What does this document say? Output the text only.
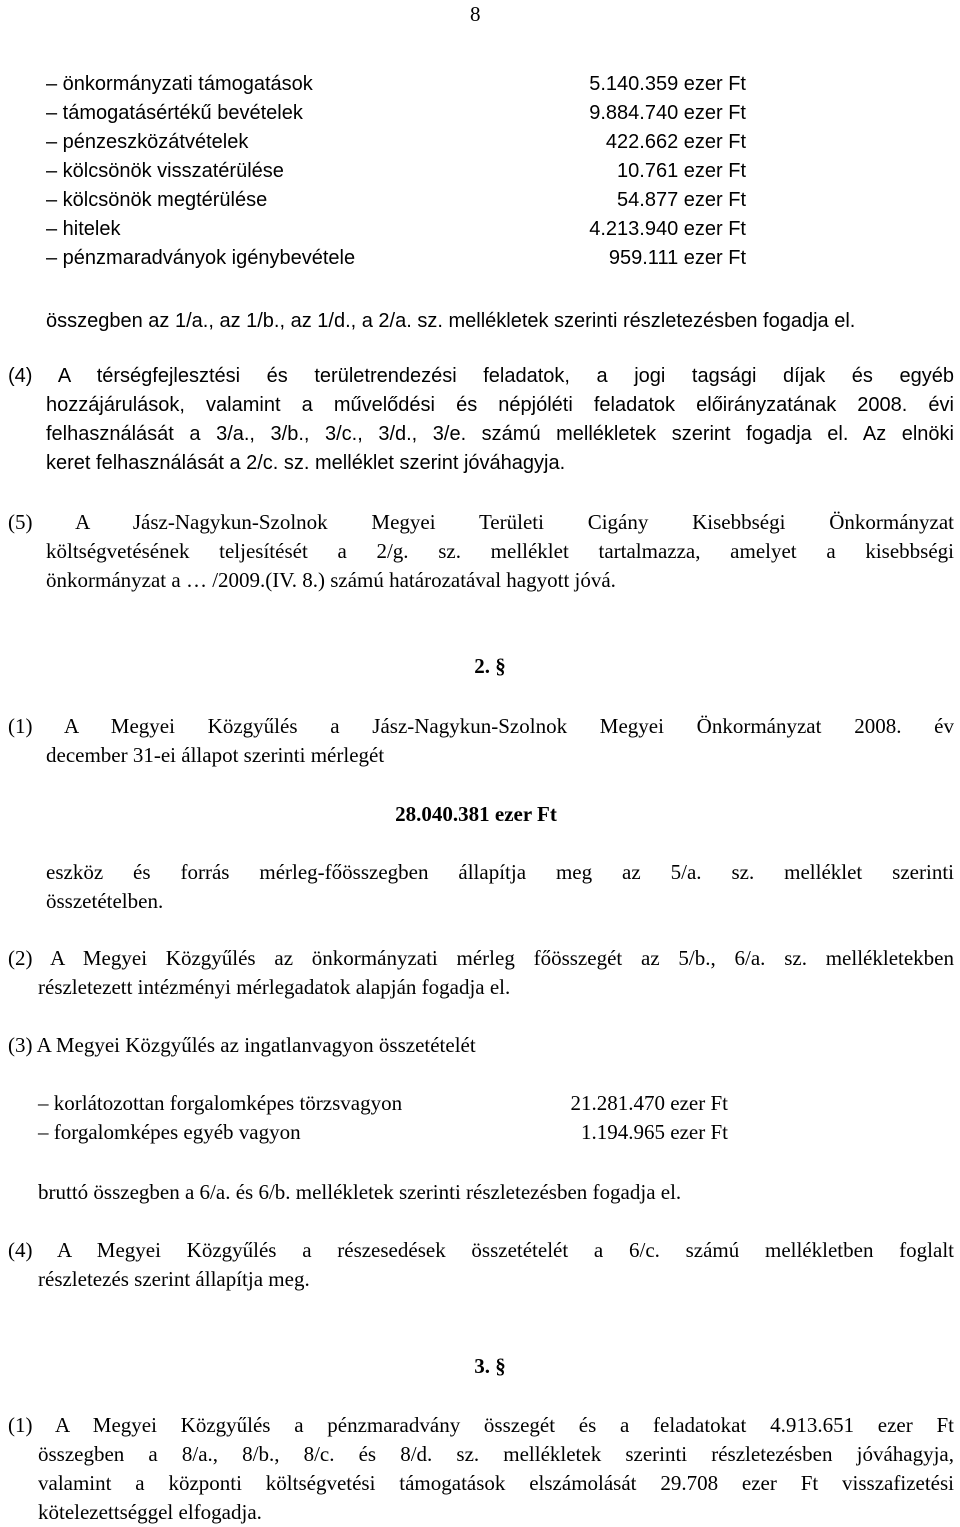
8
– önkormányzati támogatások	5.140.359 ezer Ft
– támogatásértékű bevételek	9.884.740 ezer Ft
– pénzeszközátvételek	422.662 ezer Ft
– kölcsönök visszatérülése	10.761 ezer Ft
– kölcsönök megtérülése	54.877 ezer Ft
– hitelek	4.213.940 ezer Ft
– pénzmaradványok igénybevétele	959.111 ezer Ft
összegben az 1/a., az 1/b., az 1/d., a 2/a. sz. mellékletek szerinti részletezésben fogadja el.
(4) A térségfejlesztési és területrendezési feladatok, a jogi tagsági díjak és egyéb
hozzájárulások, valamint a művelődési és népjóléti feladatok előirányzatának 2008. évi
felhasználását a 3/a., 3/b., 3/c., 3/d., 3/e. számú mellékletek szerint fogadja el. Az elnöki
keret felhasználását a 2/c. sz. melléklet szerint jóváhagyja.
(5) A Jász-Nagykun-Szolnok Megyei Területi Cigány Kisebbségi Önkormányzat
költségvetésének teljesítését a 2/g. sz. melléklet tartalmazza, amelyet a kisebbségi
önkormányzat a … /2009.(IV. 8.) számú határozatával hagyott jóvá.
2. §
(1) A Megyei Közgyűlés a Jász-Nagykun-Szolnok Megyei Önkormányzat 2008. év
december 31-ei állapot szerinti mérlegét
28.040.381 ezer Ft
eszköz és forrás mérleg-főösszegben állapítja meg az 5/a. sz. melléklet szerinti
összetételben.
(2) A Megyei Közgyűlés az önkormányzati mérleg főösszegét az 5/b., 6/a. sz. mellékletekben
részletezett intézményi mérlegadatok alapján fogadja el.
(3) A Megyei Közgyűlés az ingatlanvagyon összetételét
– korlátozottan forgalomképes törzsvagyon	21.281.470 ezer Ft
– forgalomképes egyéb vagyon	1.194.965 ezer Ft
bruttó összegben a 6/a. és 6/b. mellékletek szerinti részletezésben fogadja el.
(4) A Megyei Közgyűlés a részesedések összetételét a 6/c. számú mellékletben foglalt
részletezés szerint állapítja meg.
3. §
(1) A Megyei Közgyűlés a pénzmaradvány összegét és a feladatokat 4.913.651 ezer Ft
összegben a 8/a., 8/b., 8/c. és 8/d. sz. mellékletek szerinti részletezésben jóváhagyja,
valamint a központi költségvetési támogatások elszámolását 29.708 ezer Ft visszafizetési
kötelezettséggel elfogadja.
